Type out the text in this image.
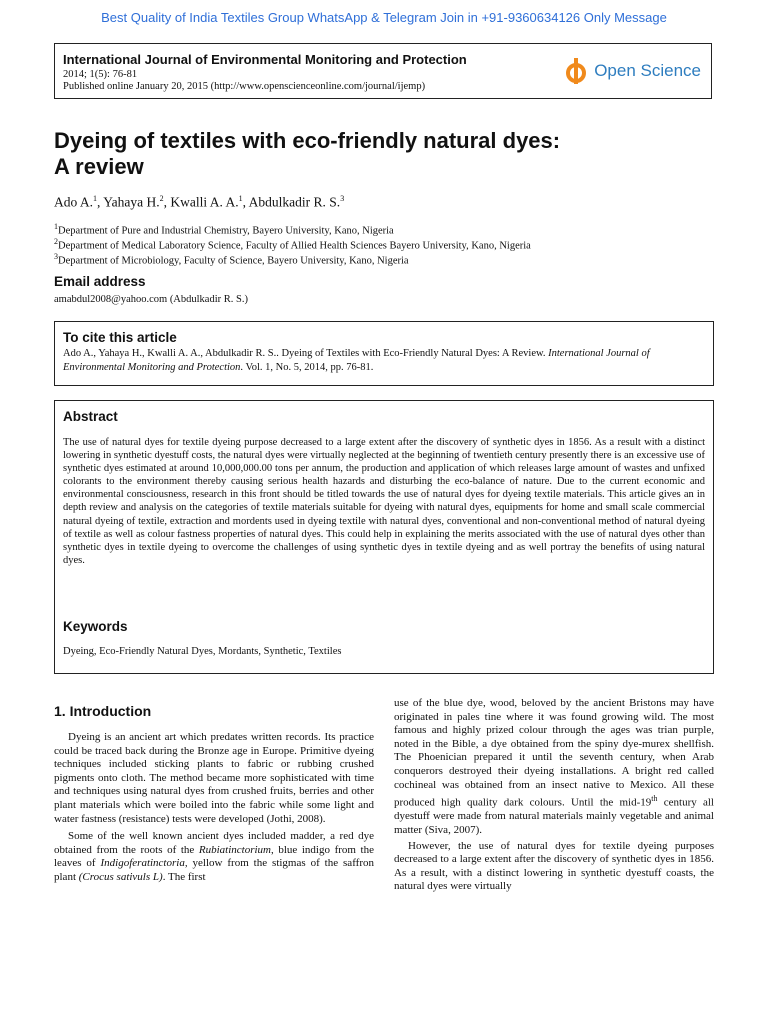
Best Quality of India Textiles Group WhatsApp & Telegram Join in +91-9360634126 Only Message
International Journal of Environmental Monitoring and Protection
2014; 1(5): 76-81
Published online January 20, 2015 (http://www.openscienceonline.com/journal/ijemp)
Open Science
Dyeing of textiles with eco-friendly natural dyes:
A review
Ado A.$^1$, Yahaya H.$^2$, Kwalli A. A.$^1$, Abdulkadir R. S.$^3$
$^1$Department of Pure and Industrial Chemistry, Bayero University, Kano, Nigeria
$^2$Department of Medical Laboratory Science, Faculty of Allied Health Sciences Bayero University, Kano, Nigeria
$^3$Department of Microbiology, Faculty of Science, Bayero University, Kano, Nigeria
Email address
amabdul2008@yahoo.com (Abdulkadir R. S.)
To cite this article
Ado A., Yahaya H., Kwalli A. A., Abdulkadir R. S.. Dyeing of Textiles with Eco-Friendly Natural Dyes: A Review. International Journal of Environmental Monitoring and Protection. Vol. 1, No. 5, 2014, pp. 76-81.
Abstract
The use of natural dyes for textile dyeing purpose decreased to a large extent after the discovery of synthetic dyes in 1856. As a result with a distinct lowering in synthetic dyestuff costs, the natural dyes were virtually neglected at the beginning of twentieth century presently there is an excessive use of synthetic dyes estimated at around 10,000,000.00 tons per annum, the production and application of which releases large amount of wastes and unfixed colorants to the environment thereby causing serious health hazards and disturbing the eco-balance of nature. Due to the current economic and environmental consciousness, research in this front should be titled towards the use of natural dyes for dyeing textile materials. This article gives an in depth review and analysis on the categories of textile materials suitable for dyeing with natural dyes, equipments for home and small scale commercial natural dyeing of textile, extraction and mordents used in dyeing textile with natural dyes, conventional and non-conventional method of natural dyeing of textile as well as colour fastness properties of natural dyes. This could help in explaining the merits associated with the use of natural dyes other than synthetic dyes in textile dyeing to overcome the challenges of using synthetic dyes in textile dyeing and as well portray the benefits of using natural dyes.
Keywords
Dyeing, Eco-Friendly Natural Dyes, Mordants, Synthetic, Textiles
1. Introduction

Dyeing is an ancient art which predates written records. Its practice could be traced back during the Bronze age in Europe. Primitive dyeing techniques included sticking plants to fabric or rubbing crushed pigments onto cloth. The method became more sophisticated with time and techniques using natural dyes from crushed fruits, berries and other plant materials which were boiled into the fabric while some light and water fastness (resistance) tests were developed (Jothi, 2008).

Some of the well known ancient dyes included madder, a red dye obtained from the roots of the Rubiatinctorium, blue indigo from the leaves of Indigoferatinctoria, yellow from the stigmas of the saffron plant (Crocus sativuls L). The first

use of the blue dye, wood, beloved by the ancient Bristons may have originated in pales tine where it was found growing wild. The most famous and highly prized colour through the ages was trian purple, noted in the Bible, a dye obtained from the spiny dye-murex shellfish. The Phoenician prepared it until the seventh century, when Arab conquerors destroyed their dyeing installations. A bright red called cochineal was obtained from an insect native to Mexico. All these produced high quality dark colours. Until the mid-19th century all dyestuff were made from natural materials mainly vegetable and animal matter (Siva, 2007).

However, the use of natural dyes for textile dyeing purposes decreased to a large extent after the discovery of synthetic dyes in 1856. As a result, with a distinct lowering in synthetic dyestuff coasts, the natural dyes were virtually
